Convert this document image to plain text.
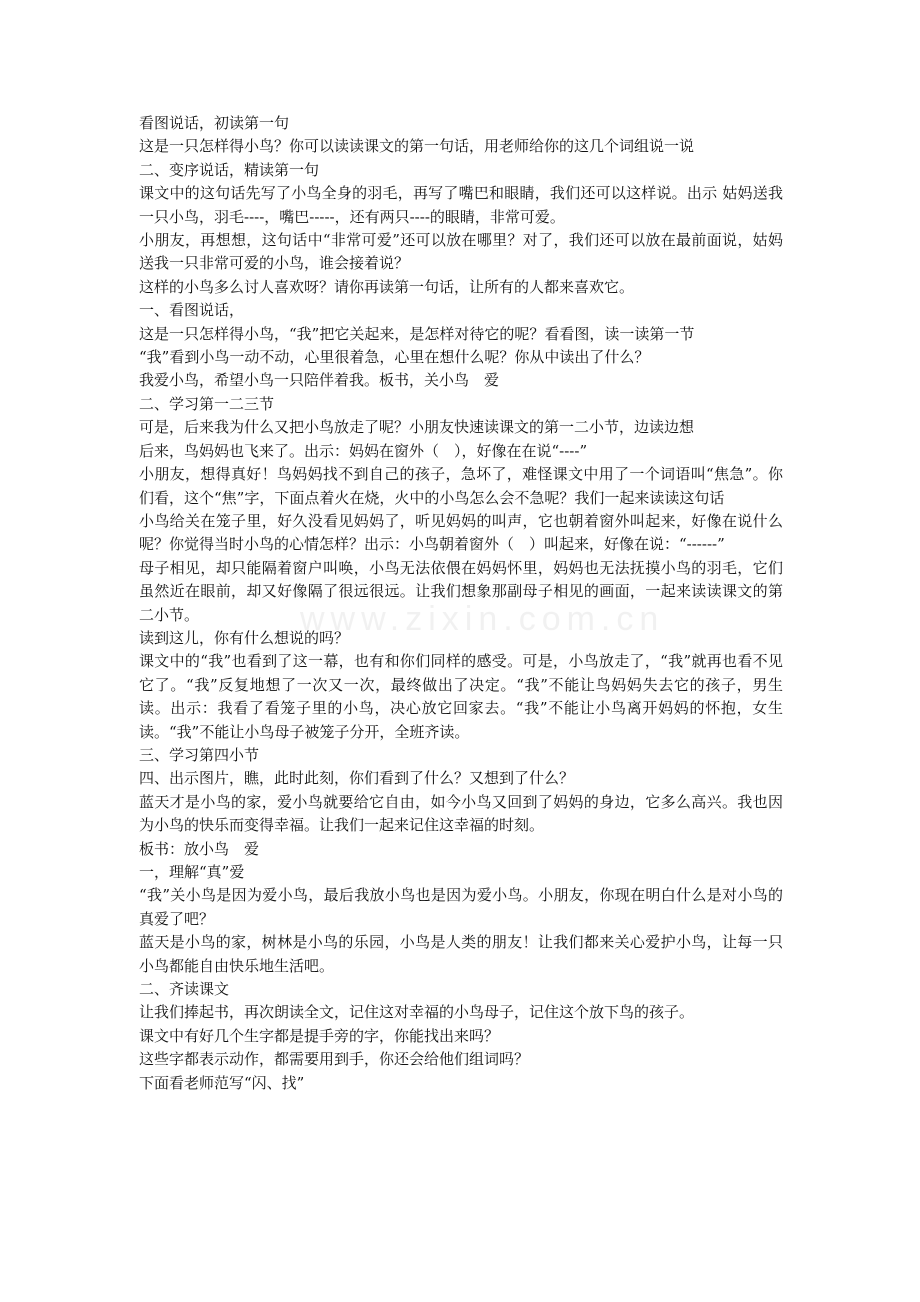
www.zixin.com.cn

看图说话，初读第一句

这是一只怎样得小鸟？你可以读读课文的第一句话，用老师给你的这几个词组说一说

二、变序说话，精读第一句

课文中的这句话先写了小鸟全身的羽毛，再写了嘴巴和眼睛，我们还可以这样说。出示 姑妈送我一只小鸟，羽毛----，嘴巴-----，还有两只----的眼睛，非常可爱。

小朋友，再想想，这句话中“非常可爱”还可以放在哪里？对了，我们还可以放在最前面说，姑妈送我一只非常可爱的小鸟，谁会接着说？

这样的小鸟多么讨人喜欢呀？请你再读第一句话，让所有的人都来喜欢它。

一、看图说话，

这是一只怎样得小鸟，“我”把它关起来，是怎样对待它的呢？看看图，读一读第一节

“我”看到小鸟一动不动，心里很着急，心里在想什么呢？你从中读出了什么？

我爱小鸟，希望小鸟一只陪伴着我。板书，关小鸟　爱

二、学习第一二三节

可是，后来我为什么又把小鸟放走了呢？小朋友快速读课文的第一二小节，边读边想

后来，鸟妈妈也飞来了。出示：妈妈在窗外（　），好像在在说“----”

小朋友，想得真好！鸟妈妈找不到自己的孩子，急坏了，难怪课文中用了一个词语叫“焦急”。你们看，这个“焦”字，下面点着火在烧，火中的小鸟怎么会不急呢？我们一起来读读这句话

小鸟给关在笼子里，好久没看见妈妈了，听见妈妈的叫声，它也朝着窗外叫起来，好像在说什么呢？你觉得当时小鸟的心情怎样？出示：小鸟朝着窗外（　）叫起来，好像在说：“------”

母子相见，却只能隔着窗户叫唤，小鸟无法依偎在妈妈怀里，妈妈也无法抚摸小鸟的羽毛，它们虽然近在眼前，却又好像隔了很远很远。让我们想象那副母子相见的画面，一起来读读课文的第二小节。

读到这儿，你有什么想说的吗？

课文中的“我”也看到了这一幕，也有和你们同样的感受。可是，小鸟放走了，“我”就再也看不见它了。“我”反复地想了一次又一次，最终做出了决定。“我”不能让鸟妈妈失去它的孩子，男生读。出示：我看了看笼子里的小鸟，决心放它回家去。“我”不能让小鸟离开妈妈的怀抱，女生读。“我”不能让小鸟母子被笼子分开，全班齐读。

三、学习第四小节

四、出示图片，瞧，此时此刻，你们看到了什么？又想到了什么？

蓝天才是小鸟的家，爱小鸟就要给它自由，如今小鸟又回到了妈妈的身边，它多么高兴。我也因为小鸟的快乐而变得幸福。让我们一起来记住这幸福的时刻。

板书：放小鸟　爱

一，理解“真”爱

“我”关小鸟是因为爱小鸟，最后我放小鸟也是因为爱小鸟。小朋友，你现在明白什么是对小鸟的真爱了吧？

蓝天是小鸟的家，树林是小鸟的乐园，小鸟是人类的朋友！让我们都来关心爱护小鸟，让每一只小鸟都能自由快乐地生活吧。

二、齐读课文

让我们捧起书，再次朗读全文，记住这对幸福的小鸟母子，记住这个放下鸟的孩子。

课文中有好几个生字都是提手旁的字，你能找出来吗？

这些字都表示动作，都需要用到手，你还会给他们组词吗？

下面看老师范写“闪、找”
